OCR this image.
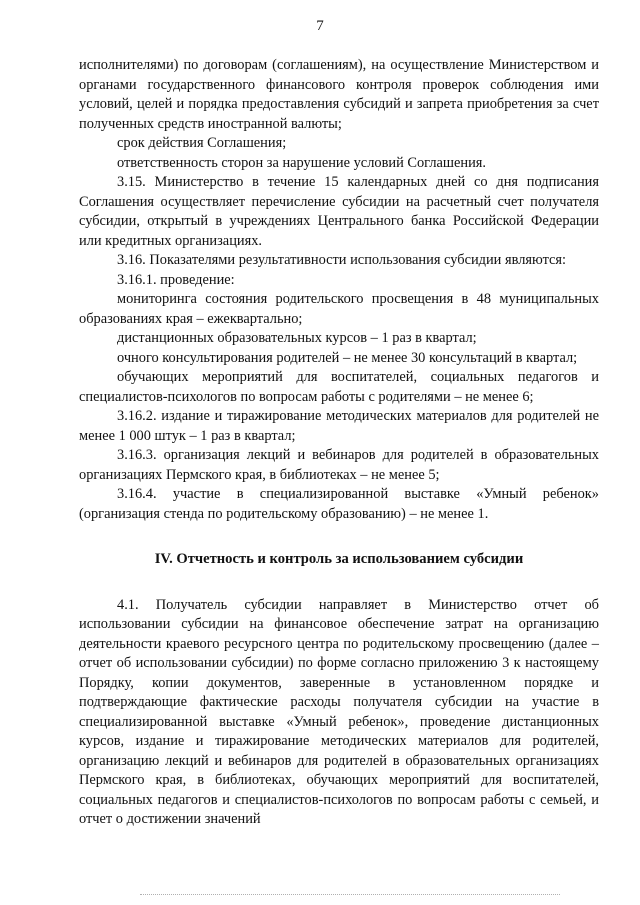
7

исполнителями) по договорам (соглашениям), на осуществление Министерством и органами государственного финансового контроля проверок соблюдения ими условий, целей и порядка предоставления субсидий и запрета приобретения за счет полученных средств иностранной валюты;

срок действия Соглашения;

ответственность сторон за нарушение условий Соглашения.

3.15. Министерство в течение 15 календарных дней со дня подписания Соглашения осуществляет перечисление субсидии на расчетный счет получателя субсидии, открытый в учреждениях Центрального банка Российской Федерации или кредитных организациях.

3.16. Показателями результативности использования субсидии являются:

3.16.1. проведение:

мониторинга состояния родительского просвещения в 48 муниципальных образованиях края – ежеквартально;

дистанционных образовательных курсов – 1 раз в квартал;

очного консультирования родителей – не менее 30 консультаций в квартал;

обучающих мероприятий для воспитателей, социальных педагогов и специалистов-психологов по вопросам работы с родителями – не менее 6;

3.16.2. издание и тиражирование методических материалов для родителей не менее 1 000 штук – 1 раз в квартал;

3.16.3. организация лекций и вебинаров для родителей в образовательных организациях Пермского края, в библиотеках – не менее 5;

3.16.4. участие в специализированной выставке «Умный ребенок» (организация стенда по родительскому образованию) – не менее 1.

IV. Отчетность и контроль за использованием субсидии

4.1. Получатель субсидии направляет в Министерство отчет об использовании субсидии на финансовое обеспечение затрат на организацию деятельности краевого ресурсного центра по родительскому просвещению (далее – отчет об использовании субсидии) по форме согласно приложению 3 к настоящему Порядку, копии документов, заверенные в установленном порядке и подтверждающие фактические расходы получателя субсидии на участие в специализированной выставке «Умный ребенок», проведение дистанционных курсов, издание и тиражирование методических материалов для родителей, организацию лекций и вебинаров для родителей в образовательных организациях Пермского края, в библиотеках, обучающих мероприятий для воспитателей, социальных педагогов и специалистов-психологов по вопросам работы с семьей, и отчет о достижении значений
